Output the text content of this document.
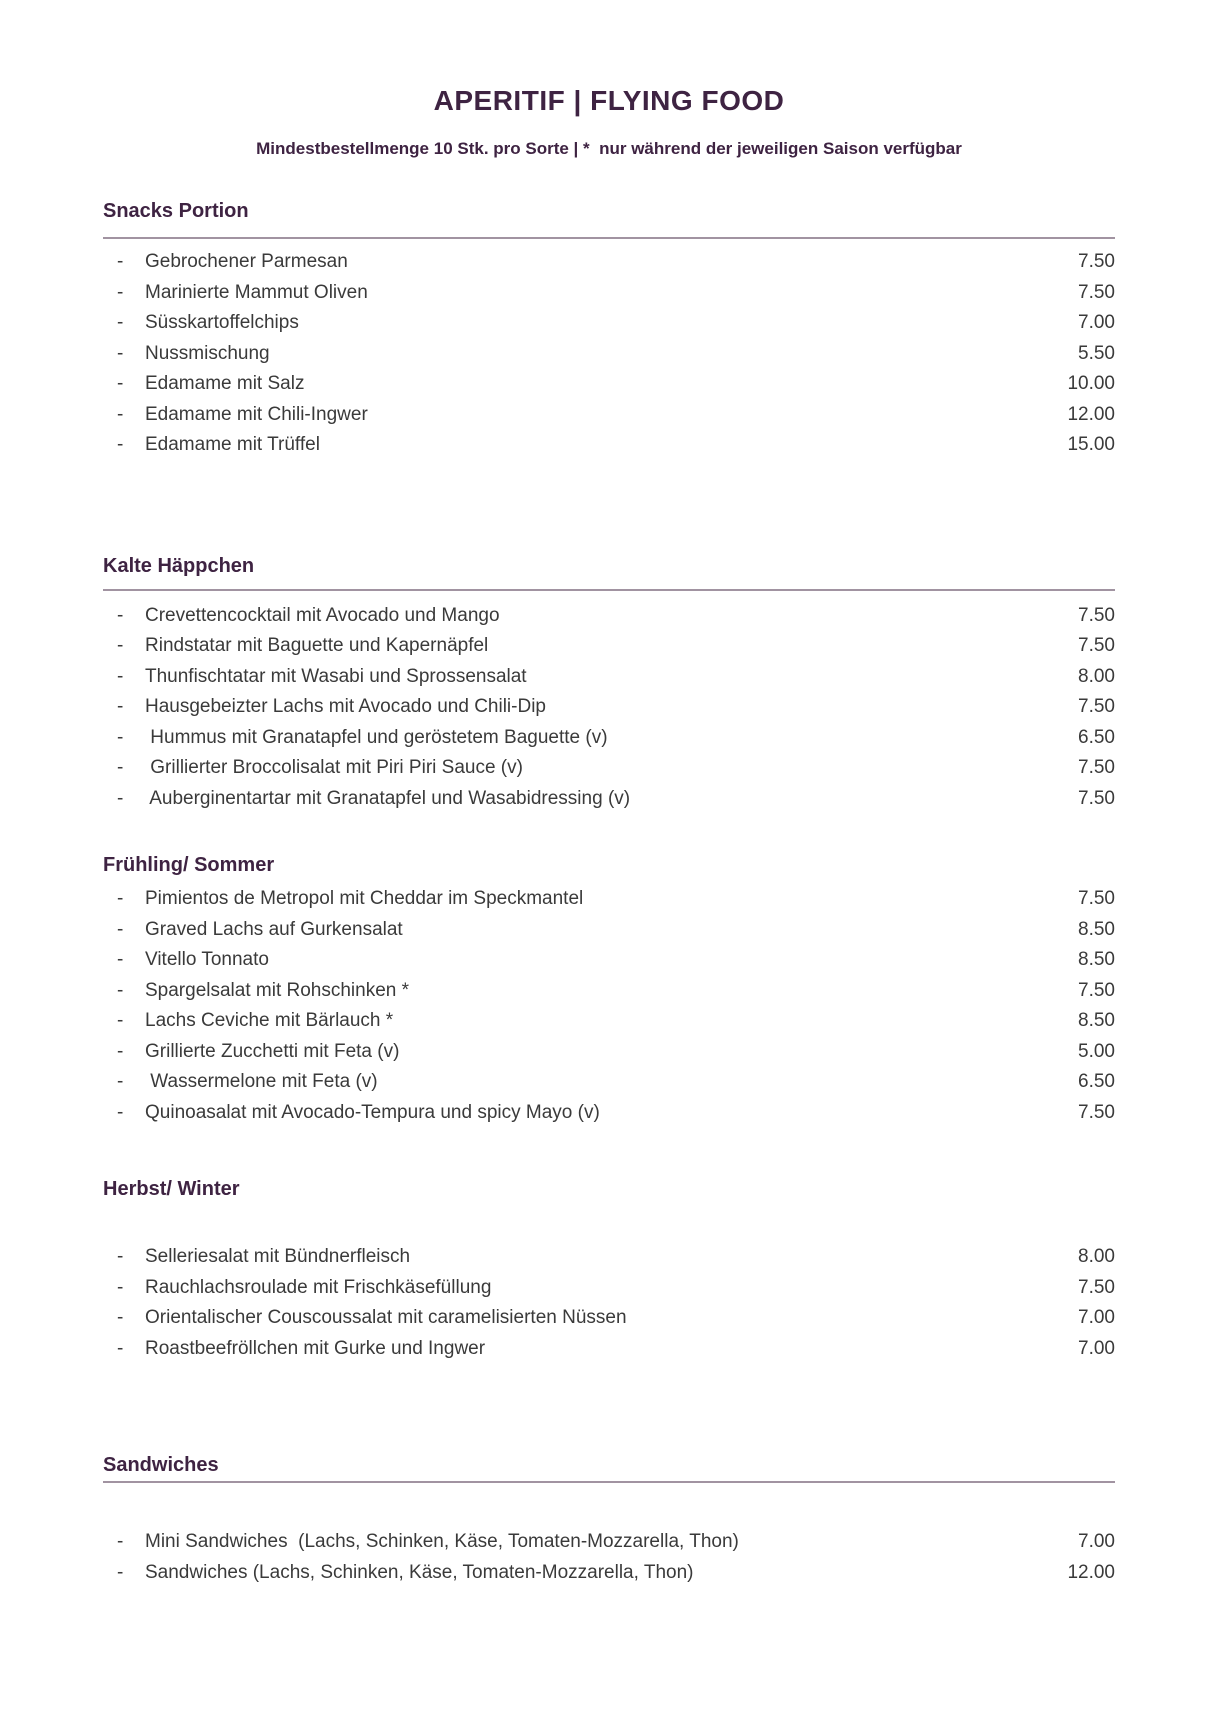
APERITIF | FLYING FOOD
Mindestbestellmenge 10 Stk. pro Sorte | *  nur während der jeweiligen Saison verfügbar
Snacks Portion
-	Gebrochener Parmesan	7.50
-	Marinierte Mammut Oliven	7.50
-	Süsskartoffelchips	7.00
-	Nussmischung	5.50
-	Edamame mit Salz	10.00
-	Edamame mit Chili-Ingwer	12.00
-	Edamame mit Trüffel	15.00
Kalte Häppchen
-	Crevettencocktail mit Avocado und Mango	7.50
-	Rindstatar mit Baguette und Kapernäpfel	7.50
-	Thunfischtatar mit Wasabi und Sprossensalat	8.00
-	Hausgebeizter Lachs mit Avocado und Chili-Dip	7.50
-	Hummus mit Granatapfel und geröstetem Baguette (v)	6.50
-	Grillierter Broccolisalat mit Piri Piri Sauce (v)	7.50
-	Auberginentartar mit Granatapfel und Wasabidressing (v)	7.50
Frühling/ Sommer
-	Pimientos de Metropol mit Cheddar im Speckmantel	7.50
-	Graved Lachs auf Gurkensalat	8.50
-	Vitello Tonnato	8.50
-	Spargelsalat mit Rohschinken *	7.50
-	Lachs Ceviche mit Bärlauch *	8.50
-	Grillierte Zucchetti mit Feta (v)	5.00
-	Wassermelone mit Feta (v)	6.50
-	Quinoasalat mit Avocado-Tempura und spicy Mayo (v)	7.50
Herbst/ Winter
-	Selleriesalat mit Bündnerfleisch	8.00
-	Rauchlachsroulade mit Frischkäsefüllung	7.50
-	Orientalischer Couscoussalat mit caramelisierten Nüssen	7.00
-	Roastbeefröllchen mit Gurke und Ingwer	7.00
Sandwiches
-	Mini Sandwiches  (Lachs, Schinken, Käse, Tomaten-Mozzarella, Thon)	7.00
-	Sandwiches (Lachs, Schinken, Käse, Tomaten-Mozzarella, Thon)	12.00
